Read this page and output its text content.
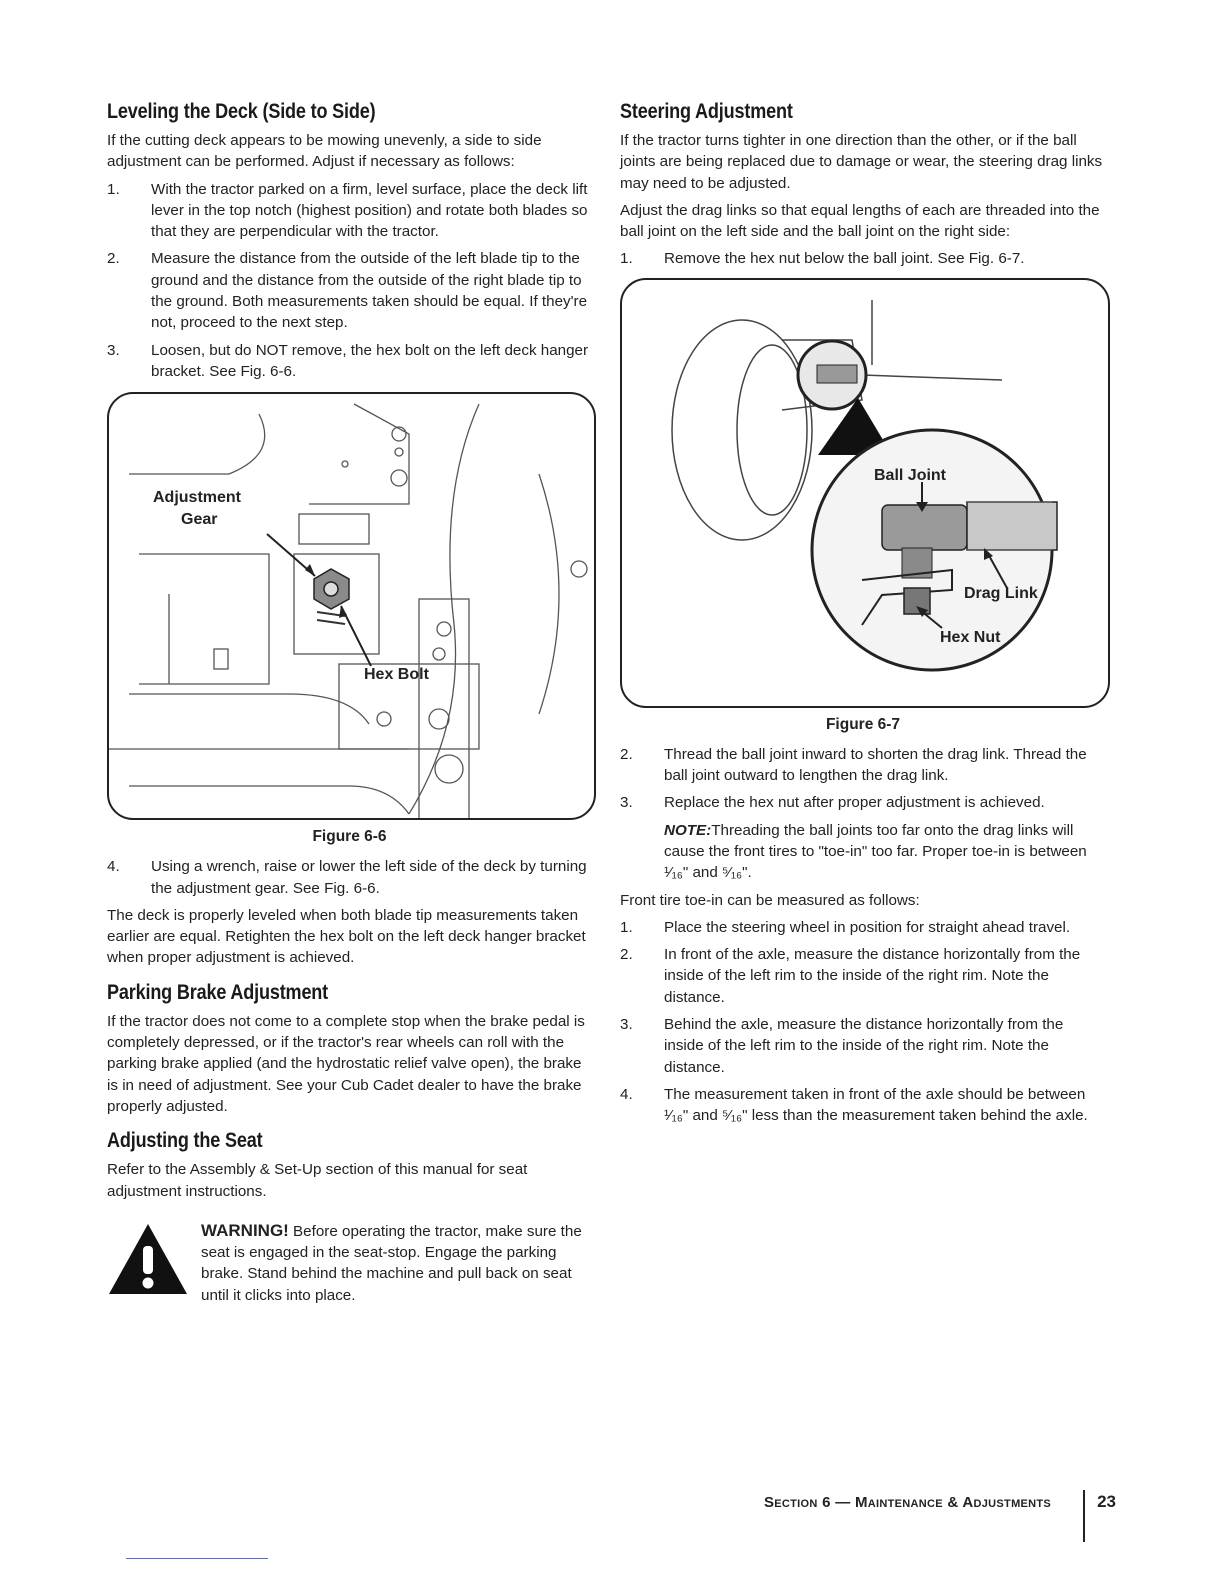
Leveling the Deck (Side to Side)

If the cutting deck appears to be mowing unevenly, a side to side adjustment can be performed. Adjust if necessary as follows:

1. With the tractor parked on a firm, level surface, place the deck lift lever in the top notch (highest position) and rotate both blades so that they are perpendicular with the tractor.
2. Measure the distance from the outside of the left blade tip to the ground and the distance from the outside of the right blade tip to the ground. Both measurements taken should be equal. If they're not, proceed to the next step.
3. Loosen, but do NOT remove, the hex bolt on the left deck hanger bracket. See Fig. 6-6.
Adjustment
Gear
Hex Bolt
Figure 6-6
4. Using a wrench, raise or lower the left side of the deck by turning the adjustment gear. See Fig. 6-6.

The deck is properly leveled when both blade tip measurements taken earlier are equal. Retighten the hex bolt on the left deck hanger bracket when proper adjustment is achieved.

Parking Brake Adjustment

If the tractor does not come to a complete stop when the brake pedal is completely depressed, or if the tractor's rear wheels can roll with the parking brake applied (and the hydrostatic relief valve open), the brake is in need of adjustment. See your Cub Cadet dealer to have the brake properly adjusted.

Adjusting the Seat

Refer to the Assembly & Set-Up section of this manual for seat adjustment instructions.

WARNING! Before operating the tractor, make sure the seat is engaged in the seat-stop. Engage the parking brake. Stand behind the machine and pull back on seat until it clicks into place.
Steering Adjustment

If the tractor turns tighter in one direction than the other, or if the ball joints are being replaced due to damage or wear, the steering drag links may need to be adjusted.

Adjust the drag links so that equal lengths of each are threaded into the ball joint on the left side and the ball joint on the right side:

1. Remove the hex nut below the ball joint. See Fig. 6-7.
Ball Joint
Drag Link
Hex Nut
Figure 6-7
2. Thread the ball joint inward to shorten the drag link. Thread the ball joint outward to lengthen the drag link.
3. Replace the hex nut after proper adjustment is achieved.
NOTE:Threading the ball joints too far onto the drag links will cause the front tires to "toe-in" too far. Proper toe-in is between ¹⁄₁₆" and ⁵⁄₁₆".

Front tire toe-in can be measured as follows:

1. Place the steering wheel in position for straight ahead travel.
2. In front of the axle, measure the distance horizontally from the inside of the left rim to the inside of the right rim. Note the distance.
3. Behind the axle, measure the distance horizontally from the inside of the left rim to the inside of the right rim. Note the distance.
4. The measurement taken in front of the axle should be between ¹⁄₁₆" and ⁵⁄₁₆" less than the measurement taken behind the axle.
Section 6 — Maintenance & Adjustments	23
